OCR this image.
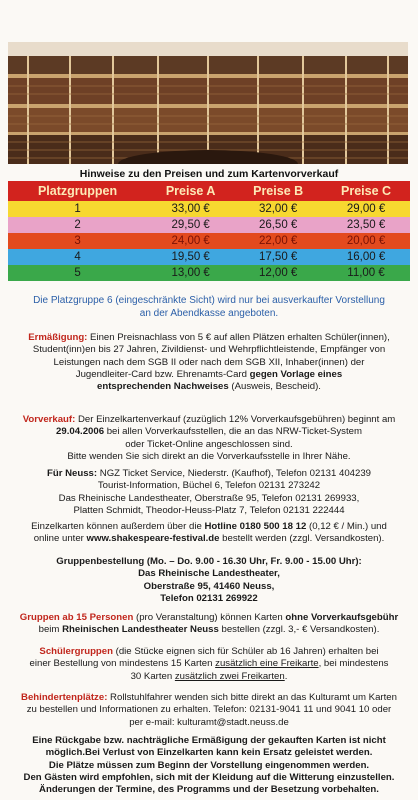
Hinweise zu den Preisen und zum Kartenvorverkauf
Platzgruppen	Preise A	Preise B	Preise C
1	33,00 €	32,00 €	29,00 €
2	29,50 €	26,50 €	23,50 €
3	24,00 €	22,00 €	20,00 €
4	19,50 €	17,50 €	16,00 €
5	13,00 €	12,00 €	11,00 €
Die Platzgruppe 6 (eingeschränkte Sicht) wird nur bei ausverkaufter Vorstellung
an der Abendkasse angeboten.
Ermäßigung: Einen Preisnachlass von 5 € auf allen Plätzen erhalten Schüler(innen),
Student(inn)en bis 27 Jahren, Zivildienst- und Wehrpflichtleistende, Empfänger von
Leistungen nach dem SGB II oder nach dem SGB XII, Inhaber(innen) der
Jugendleiter-Card bzw. Ehrenamts-Card gegen Vorlage eines
entsprechenden Nachweises (Ausweis, Bescheid).
Vorverkauf: Der Einzelkartenverkauf (zuzüglich 12% Vorverkaufsgebühren) beginnt am
29.04.2006 bei allen Vorverkaufsstellen, die an das NRW-Ticket-System
oder Ticket-Online angeschlossen sind.
Bitte wenden Sie sich direkt an die Vorverkaufsstelle in Ihrer Nähe.
Für Neuss: NGZ Ticket Service, Niederstr. (Kaufhof), Telefon 02131 404239
Tourist-Information, Büchel 6, Telefon 02131 273242
Das Rheinische Landestheater, Oberstraße 95, Telefon 02131 269933,
Platten Schmidt, Theodor-Heuss-Platz 7, Telefon 02131 222444
Einzelkarten können außerdem über die Hotline 0180 500 18 12 (0,12 € / Min.) und
online unter www.shakespeare-festival.de bestellt werden (zzgl. Versandkosten).
Gruppenbestellung (Mo. – Do. 9.00 - 16.30 Uhr, Fr. 9.00 - 15.00 Uhr):
Das Rheinische Landestheater,
Oberstraße 95, 41460 Neuss,
Telefon 02131 269922
Gruppen ab 15 Personen (pro Veranstaltung) können Karten ohne Vorverkaufsgebühr
beim Rheinischen Landestheater Neuss bestellen (zzgl. 3,- € Versandkosten).
Schülergruppen (die Stücke eignen sich für Schüler ab 16 Jahren) erhalten bei
einer Bestellung von mindestens 15 Karten zusätzlich eine Freikarte, bei mindestens
30 Karten zusätzlich zwei Freikarten.
Behindertenplätze: Rollstuhlfahrer wenden sich bitte direkt an das Kulturamt um Karten
zu bestellen und Informationen zu erhalten. Telefon: 02131-9041 11 und 9041 10 oder
per e-mail: kulturamt@stadt.neuss.de
Eine Rückgabe bzw. nachträgliche Ermäßigung der gekauften Karten ist nicht
möglich.Bei Verlust von Einzelkarten kann kein Ersatz geleistet werden.
Die Plätze müssen zum Beginn der Vorstellung eingenommen werden.
Den Gästen wird empfohlen, sich mit der Kleidung auf die Witterung einzustellen.
Änderungen der Termine, des Programms und der Besetzung vorbehalten.
